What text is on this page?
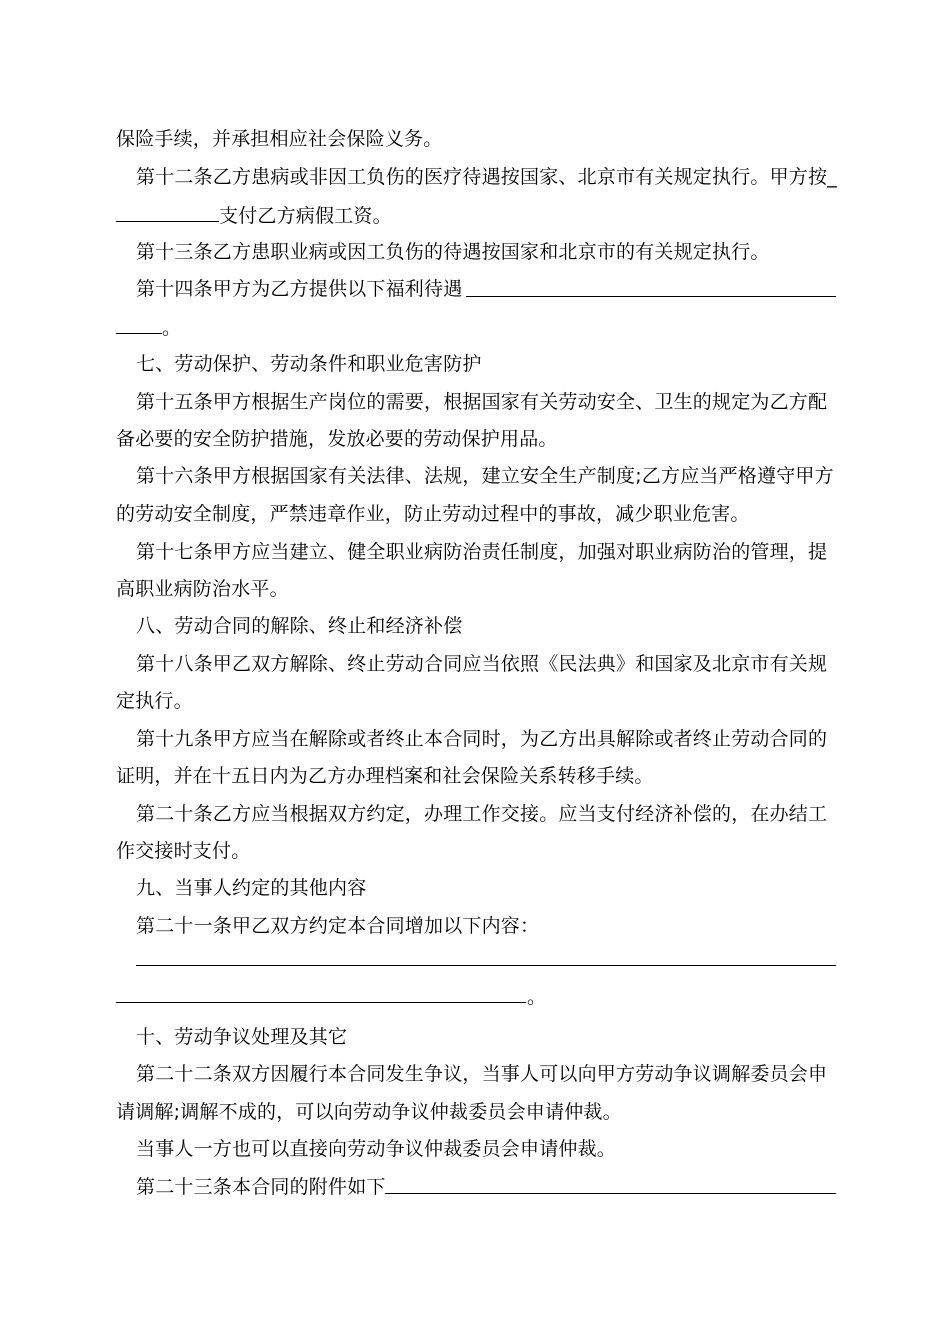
保险手续，并承担相应社会保险义务。
第十二条乙方患病或非因工负伤的医疗待遇按国家、北京市有关规定执行。甲方按_
支付乙方病假工资。
第十三条乙方患职业病或因工负伤的待遇按国家和北京市的有关规定执行。
第十四条甲方为乙方提供以下福利待遇
。
七、劳动保护、劳动条件和职业危害防护
第十五条甲方根据生产岗位的需要，根据国家有关劳动安全、卫生的规定为乙方配
备必要的安全防护措施，发放必要的劳动保护用品。
第十六条甲方根据国家有关法律、法规，建立安全生产制度;乙方应当严格遵守甲方
的劳动安全制度，严禁违章作业，防止劳动过程中的事故，减少职业危害。
第十七条甲方应当建立、健全职业病防治责任制度，加强对职业病防治的管理，提
高职业病防治水平。
八、劳动合同的解除、终止和经济补偿
第十八条甲乙双方解除、终止劳动合同应当依照《民法典》和国家及北京市有关规
定执行。
第十九条甲方应当在解除或者终止本合同时，为乙方出具解除或者终止劳动合同的
证明，并在十五日内为乙方办理档案和社会保险关系转移手续。
第二十条乙方应当根据双方约定，办理工作交接。应当支付经济补偿的，在办结工
作交接时支付。
九、当事人约定的其他内容
第二十一条甲乙双方约定本合同增加以下内容：
。
十、劳动争议处理及其它
第二十二条双方因履行本合同发生争议，当事人可以向甲方劳动争议调解委员会申
请调解;调解不成的，可以向劳动争议仲裁委员会申请仲裁。
当事人一方也可以直接向劳动争议仲裁委员会申请仲裁。
第二十三条本合同的附件如下
